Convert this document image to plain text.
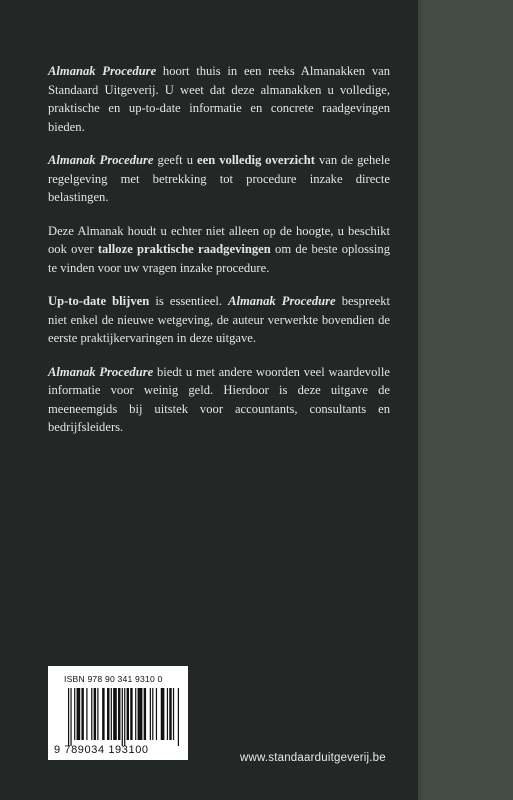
Almanak Procedure hoort thuis in een reeks Almanakken van Standaard Uitgeverij. U weet dat deze almanakken u volledige, praktische en up-to-date informatie en concrete raadgevingen bieden.

Almanak Procedure geeft u een volledig overzicht van de gehele regelgeving met betrekking tot procedure inzake directe belastingen.

Deze Almanak houdt u echter niet alleen op de hoogte, u beschikt ook over talloze praktische raadgevingen om de beste oplossing te vinden voor uw vragen inzake procedure.

Up-to-date blijven is essentieel. Almanak Procedure bespreekt niet enkel de nieuwe wetgeving, de auteur verwerkte bovendien de eerste praktijkervaringen in deze uitgave.

Almanak Procedure biedt u met andere woorden veel waardevolle informatie voor weinig geld. Hierdoor is deze uitgave de meeneemgids bij uitstek voor accountants, consultants en bedrijfsleiders.

ISBN 978 90 341 9310 0
9 789034 193100
www.standaarduitgeverij.be
